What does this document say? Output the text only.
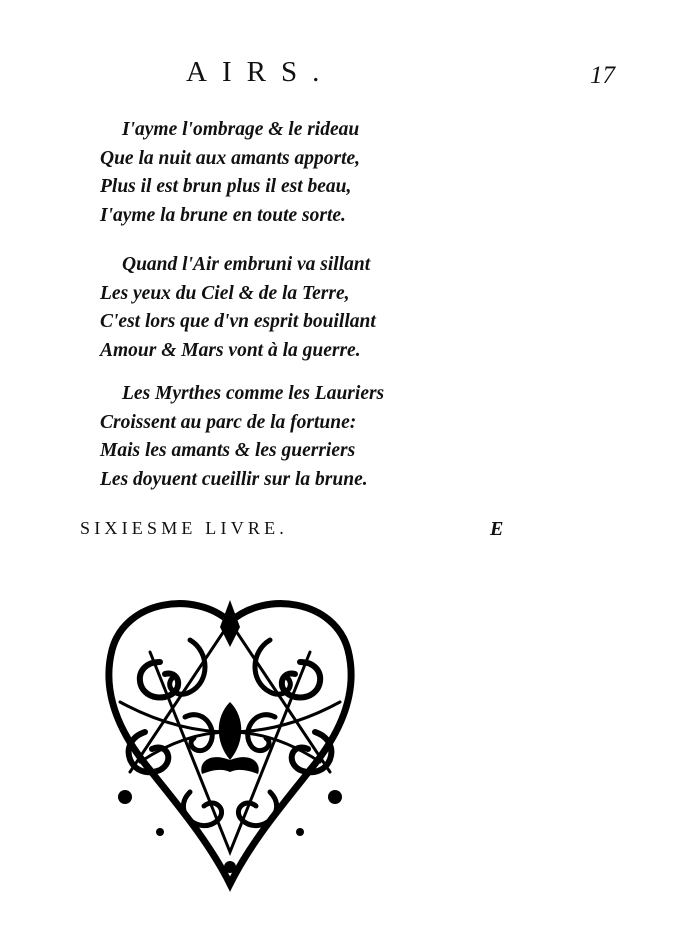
AIRS.	17
I'ayme l'ombrage & le rideau
Que la nuit aux amants apporte,
Plus il est brun plus il est beau,
I'ayme la brune en toute sorte.
Quand l'Air embruni va sillant
Les yeux du Ciel & de la Terre,
C'est lors que d'vn esprit bouillant
Amour & Mars vont à la guerre.
Les Myrthes comme les Lauriers
Croissent au parc de la fortune:
Mais les amants & les guerriers
Les doyuent cueillir sur la brune.
SIXIESME LIVRE.	E
